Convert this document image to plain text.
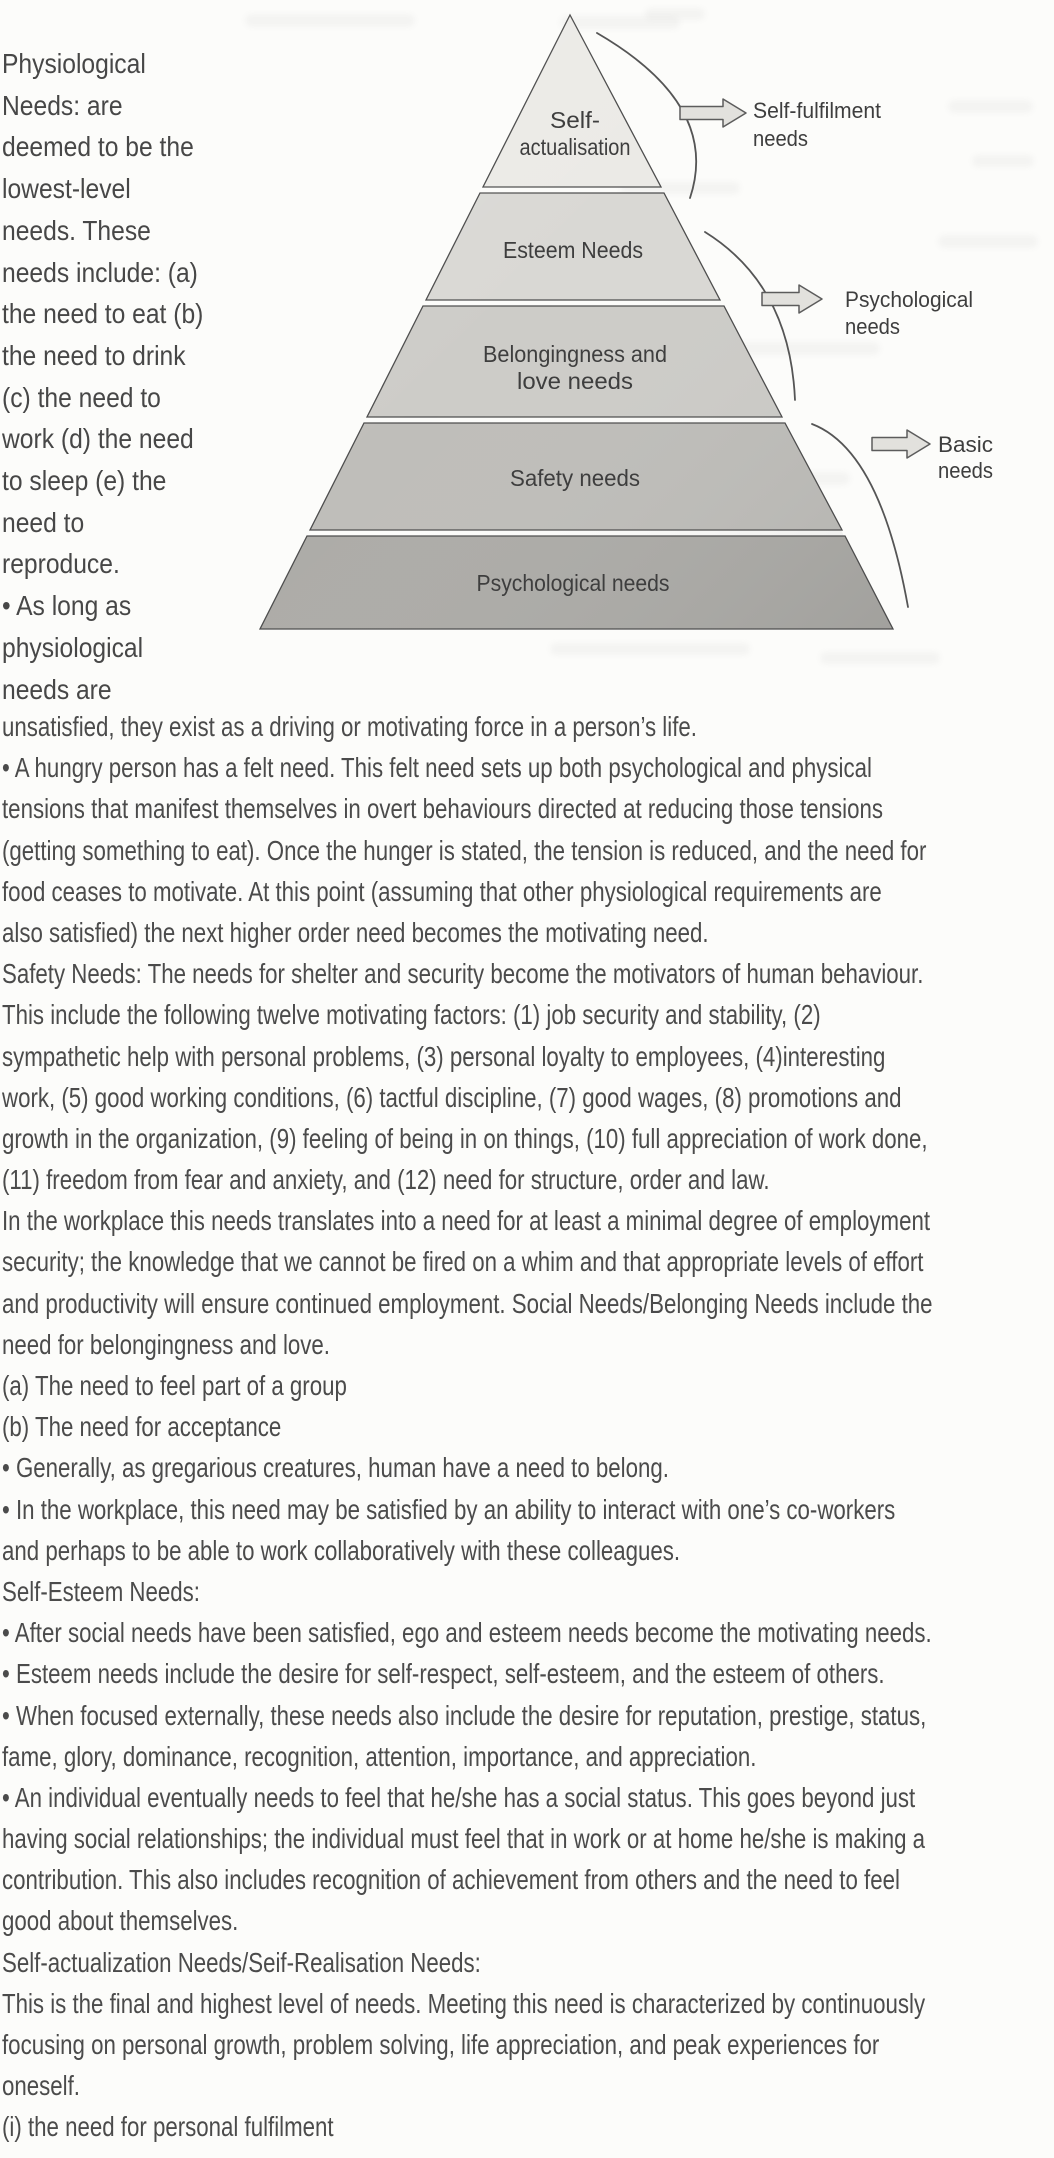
Physiological
Needs: are
deemed to be the
lowest-level
needs. These
needs include: (a)
the need to eat (b)
the need to drink
(c) the need to
work (d) the need
to sleep (e) the
need to
reproduce.
• As long as
physiological
needs are
Self-
actualisation
Esteem Needs
Belongingness and
love needs
Safety needs
Psychological needs
Self-fulfilment
needs
Psychological
needs
Basic
needs
unsatisfied, they exist as a driving or motivating force in a person’s life.
• A hungry person has a felt need. This felt need sets up both psychological and physical
tensions that manifest themselves in overt behaviours directed at reducing those tensions
(getting something to eat). Once the hunger is stated, the tension is reduced, and the need for
food ceases to motivate. At this point (assuming that other physiological requirements are
also satisfied) the next higher order need becomes the motivating need.
Safety Needs: The needs for shelter and security become the motivators of human behaviour.
This include the following twelve motivating factors: (1) job security and stability, (2)
sympathetic help with personal problems, (3) personal loyalty to employees, (4)interesting
work, (5) good working conditions, (6) tactful discipline, (7) good wages, (8) promotions and
growth in the organization, (9) feeling of being in on things, (10) full appreciation of work done,
(11) freedom from fear and anxiety, and (12) need for structure, order and law.
In the workplace this needs translates into a need for at least a minimal degree of employment
security; the knowledge that we cannot be fired on a whim and that appropriate levels of effort
and productivity will ensure continued employment. Social Needs/Belonging Needs include the
need for belongingness and love.
(a) The need to feel part of a group
(b) The need for acceptance
• Generally, as gregarious creatures, human have a need to belong.
• In the workplace, this need may be satisfied by an ability to interact with one’s co-workers
and perhaps to be able to work collaboratively with these colleagues.
Self-Esteem Needs:
• After social needs have been satisfied, ego and esteem needs become the motivating needs.
• Esteem needs include the desire for self-respect, self-esteem, and the esteem of others.
• When focused externally, these needs also include the desire for reputation, prestige, status,
fame, glory, dominance, recognition, attention, importance, and appreciation.
• An individual eventually needs to feel that he/she has a social status. This goes beyond just
having social relationships; the individual must feel that in work or at home he/she is making a
contribution. This also includes recognition of achievement from others and the need to feel
good about themselves.
Self-actualization Needs/Seif-Realisation Needs:
This is the final and highest level of needs. Meeting this need is characterized by continuously
focusing on personal growth, problem solving, life appreciation, and peak experiences for
oneself.
(i) the need for personal fulfilment
